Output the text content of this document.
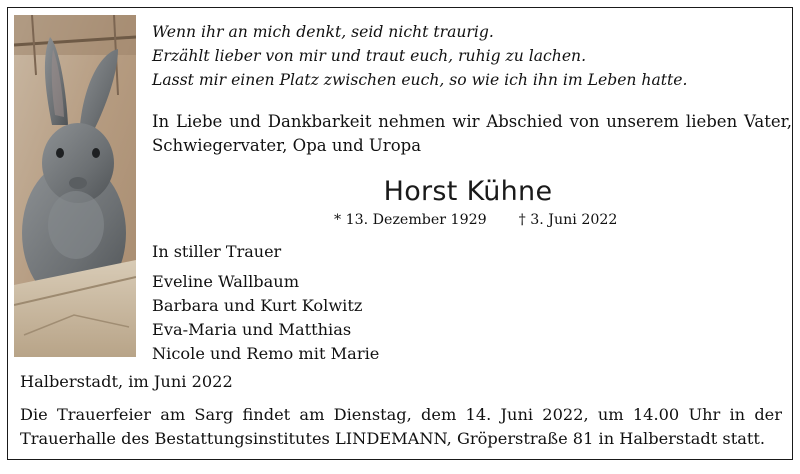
Wenn ihr an mich denkt, seid nicht traurig.
Erzählt lieber von mir und traut euch, ruhig zu lachen.
Lasst mir einen Platz zwischen euch, so wie ich ihn im Leben hatte.
In Liebe und Dankbarkeit nehmen wir Abschied von unserem lieben Vater,
Schwiegervater, Opa und Uropa
Horst Kühne
* 13. Dezember 1929 † 3. Juni 2022
In stiller Trauer
Eveline Wallbaum
Barbara und Kurt Kolwitz
Eva-Maria und Matthias
Nicole und Remo mit Marie
Halberstadt, im Juni 2022
Die Trauerfeier am Sarg findet am Dienstag, dem 14. Juni 2022, um 14.00 Uhr in der
Trauerhalle des Bestattungsinstitutes LINDEMANN, Gröperstraße 81 in Halberstadt statt.
